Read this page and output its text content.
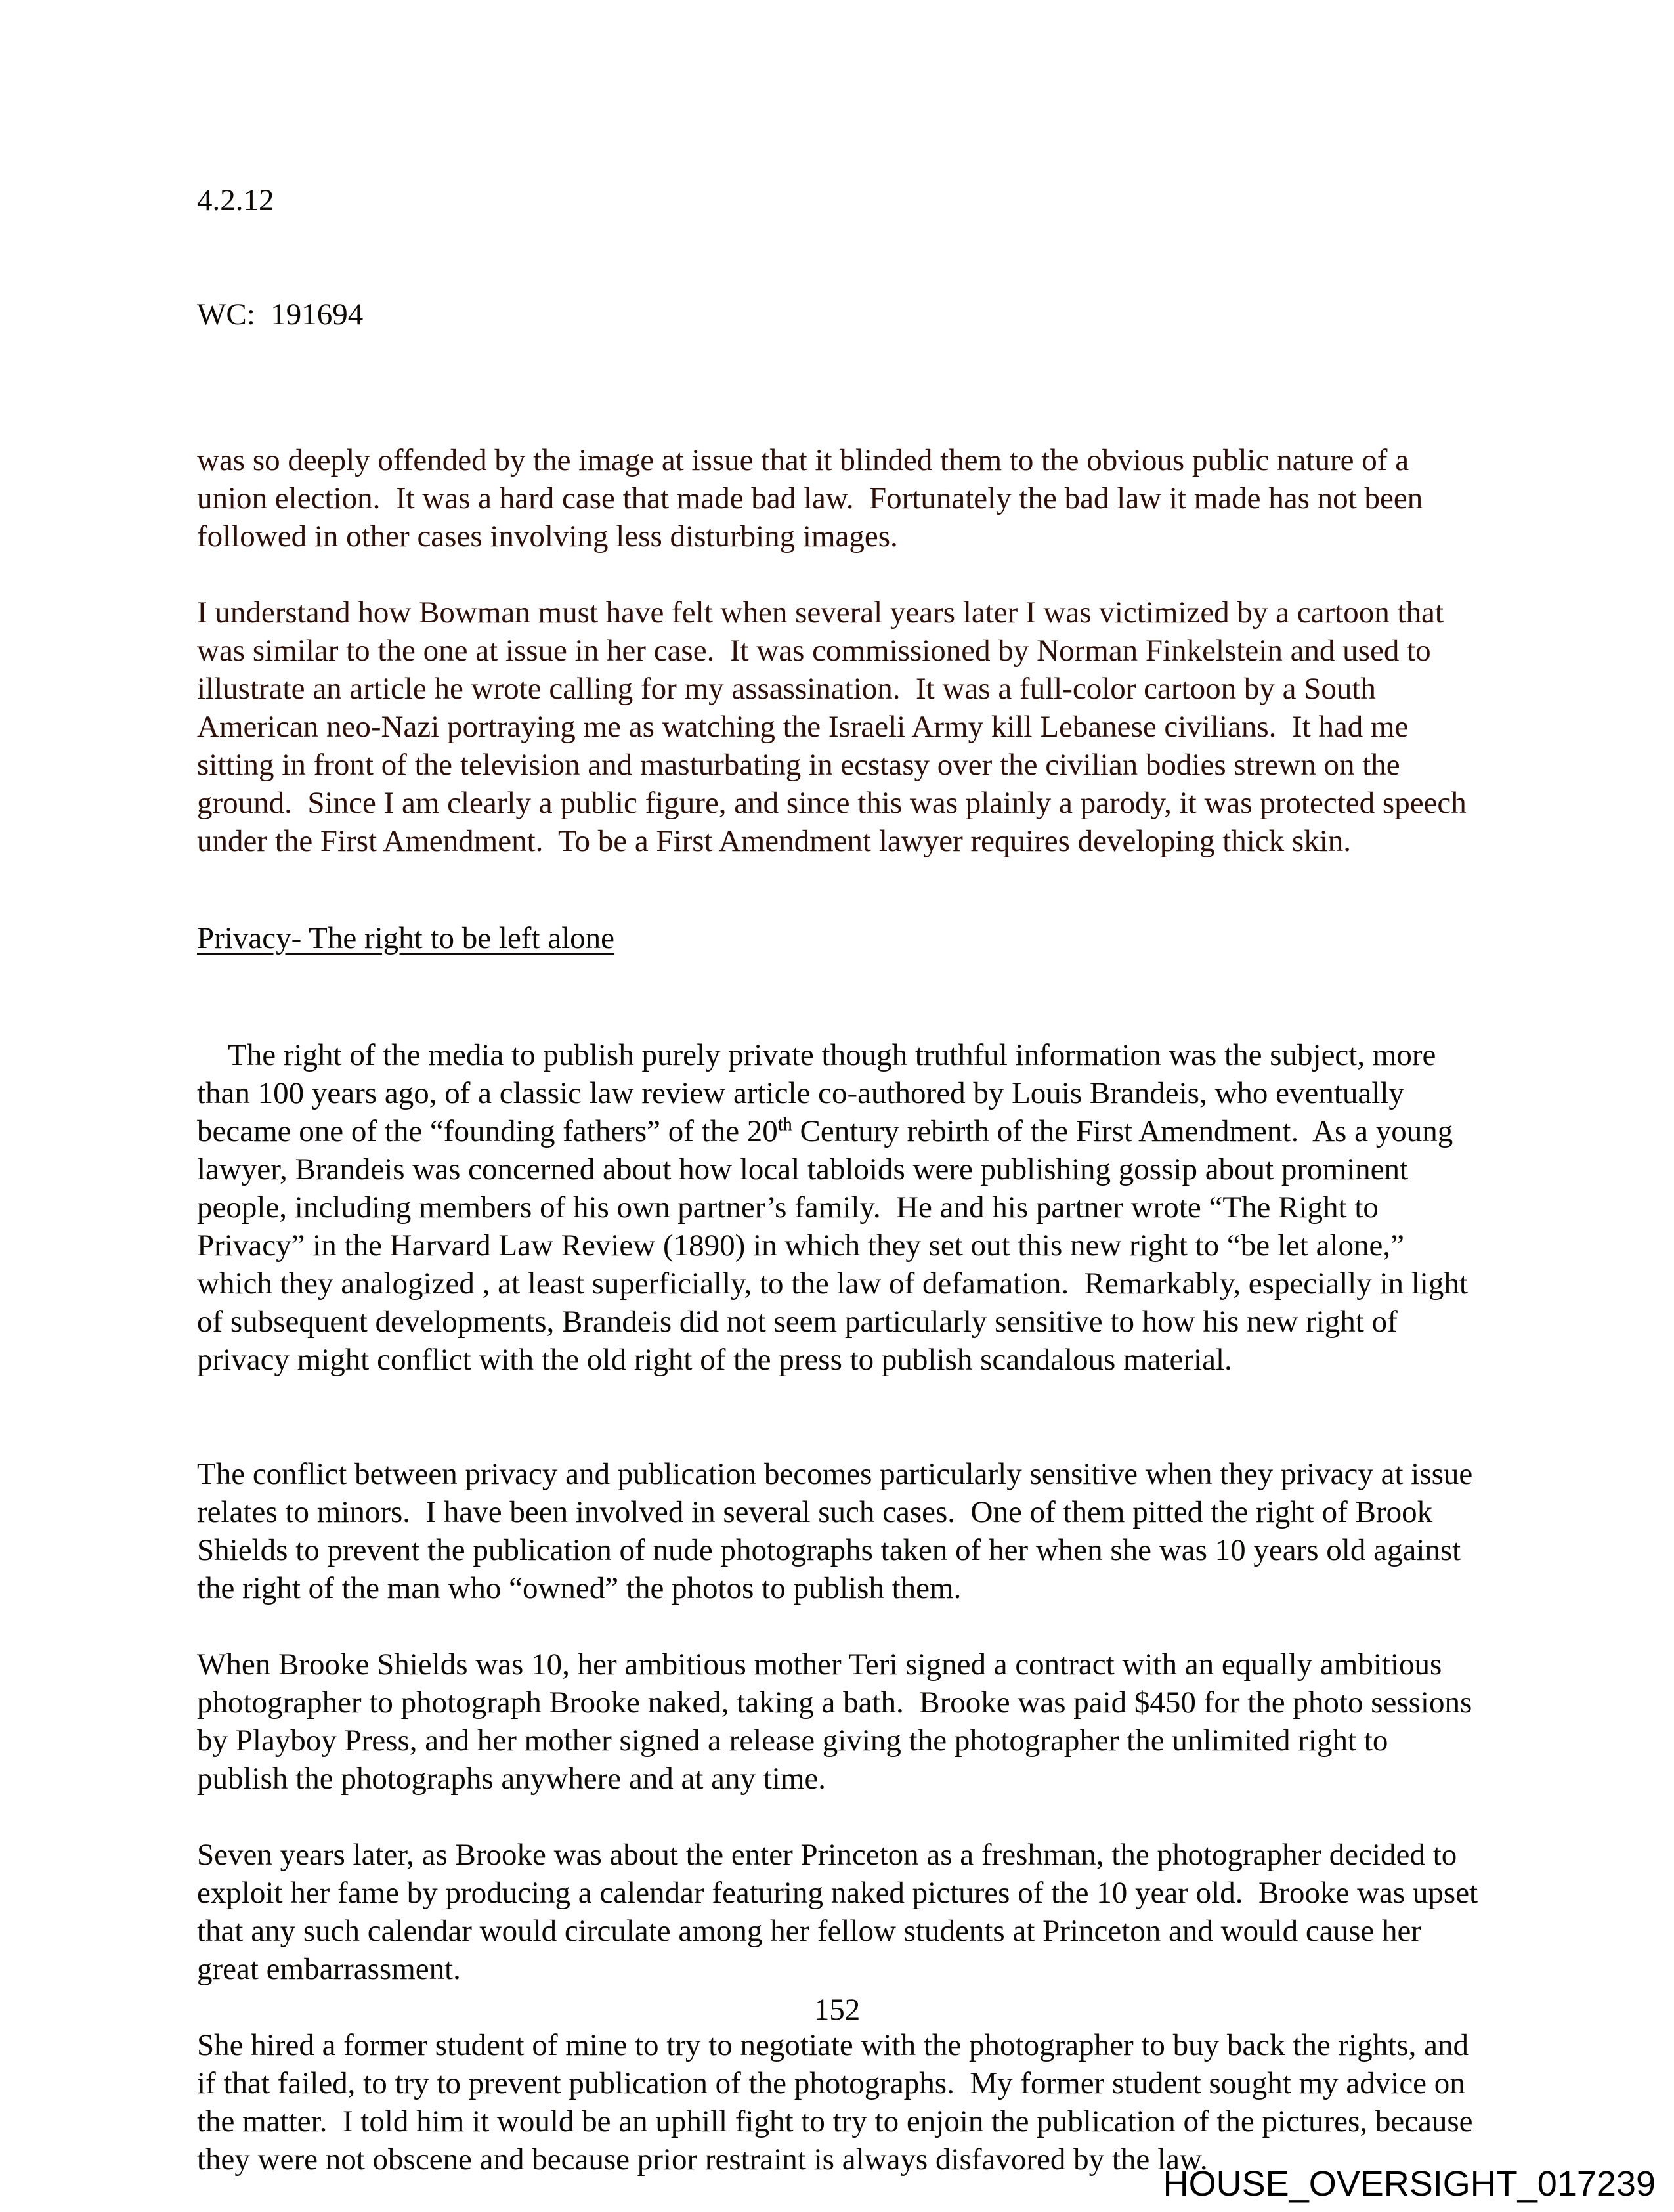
4.2.12

WC:  191694

was so deeply offended by the image at issue that it blinded them to the obvious public nature of a union election.  It was a hard case that made bad law.  Fortunately the bad law it made has not been followed in other cases involving less disturbing images.

I understand how Bowman must have felt when several years later I was victimized by a cartoon that was similar to the one at issue in her case.  It was commissioned by Norman Finkelstein and used to illustrate an article he wrote calling for my assassination.  It was a full-color cartoon by a South American neo-Nazi portraying me as watching the Israeli Army kill Lebanese civilians.  It had me sitting in front of the television and masturbating in ecstasy over the civilian bodies strewn on the ground.  Since I am clearly a public figure, and since this was plainly a parody, it was protected speech under the First Amendment.  To be a First Amendment lawyer requires developing thick skin.

Privacy- The right to be left alone

The right of the media to publish purely private though truthful information was the subject, more than 100 years ago, of a classic law review article co-authored by Louis Brandeis, who eventually became one of the “founding fathers” of the 20th Century rebirth of the First Amendment.  As a young lawyer, Brandeis was concerned about how local tabloids were publishing gossip about prominent people, including members of his own partner’s family.  He and his partner wrote “The Right to Privacy” in the Harvard Law Review (1890) in which they set out this new right to “be let alone,” which they analogized , at least superficially, to the law of defamation.  Remarkably, especially in light of subsequent developments, Brandeis did not seem particularly sensitive to how his new right of privacy might conflict with the old right of the press to publish scandalous material.

The conflict between privacy and publication becomes particularly sensitive when they privacy at issue relates to minors.  I have been involved in several such cases.  One of them pitted the right of Brook Shields to prevent the publication of nude photographs taken of her when she was 10 years old against the right of the man who “owned” the photos to publish them.

When Brooke Shields was 10, her ambitious mother Teri signed a contract with an equally ambitious photographer to photograph Brooke naked, taking a bath.  Brooke was paid $450 for the photo sessions by Playboy Press, and her mother signed a release giving the photographer the unlimited right to publish the photographs anywhere and at any time.

Seven years later, as Brooke was about the enter Princeton as a freshman, the photographer decided to exploit her fame by producing a calendar featuring naked pictures of the 10 year old.  Brooke was upset that any such calendar would circulate among her fellow students at Princeton and would cause her great embarrassment.

She hired a former student of mine to try to negotiate with the photographer to buy back the rights, and if that failed, to try to prevent publication of the photographs.  My former student sought my advice on the matter.  I told him it would be an uphill fight to try to enjoin the publication of the pictures, because they were not obscene and because prior restraint is always disfavored by the law.

152
HOUSE_OVERSIGHT_017239
